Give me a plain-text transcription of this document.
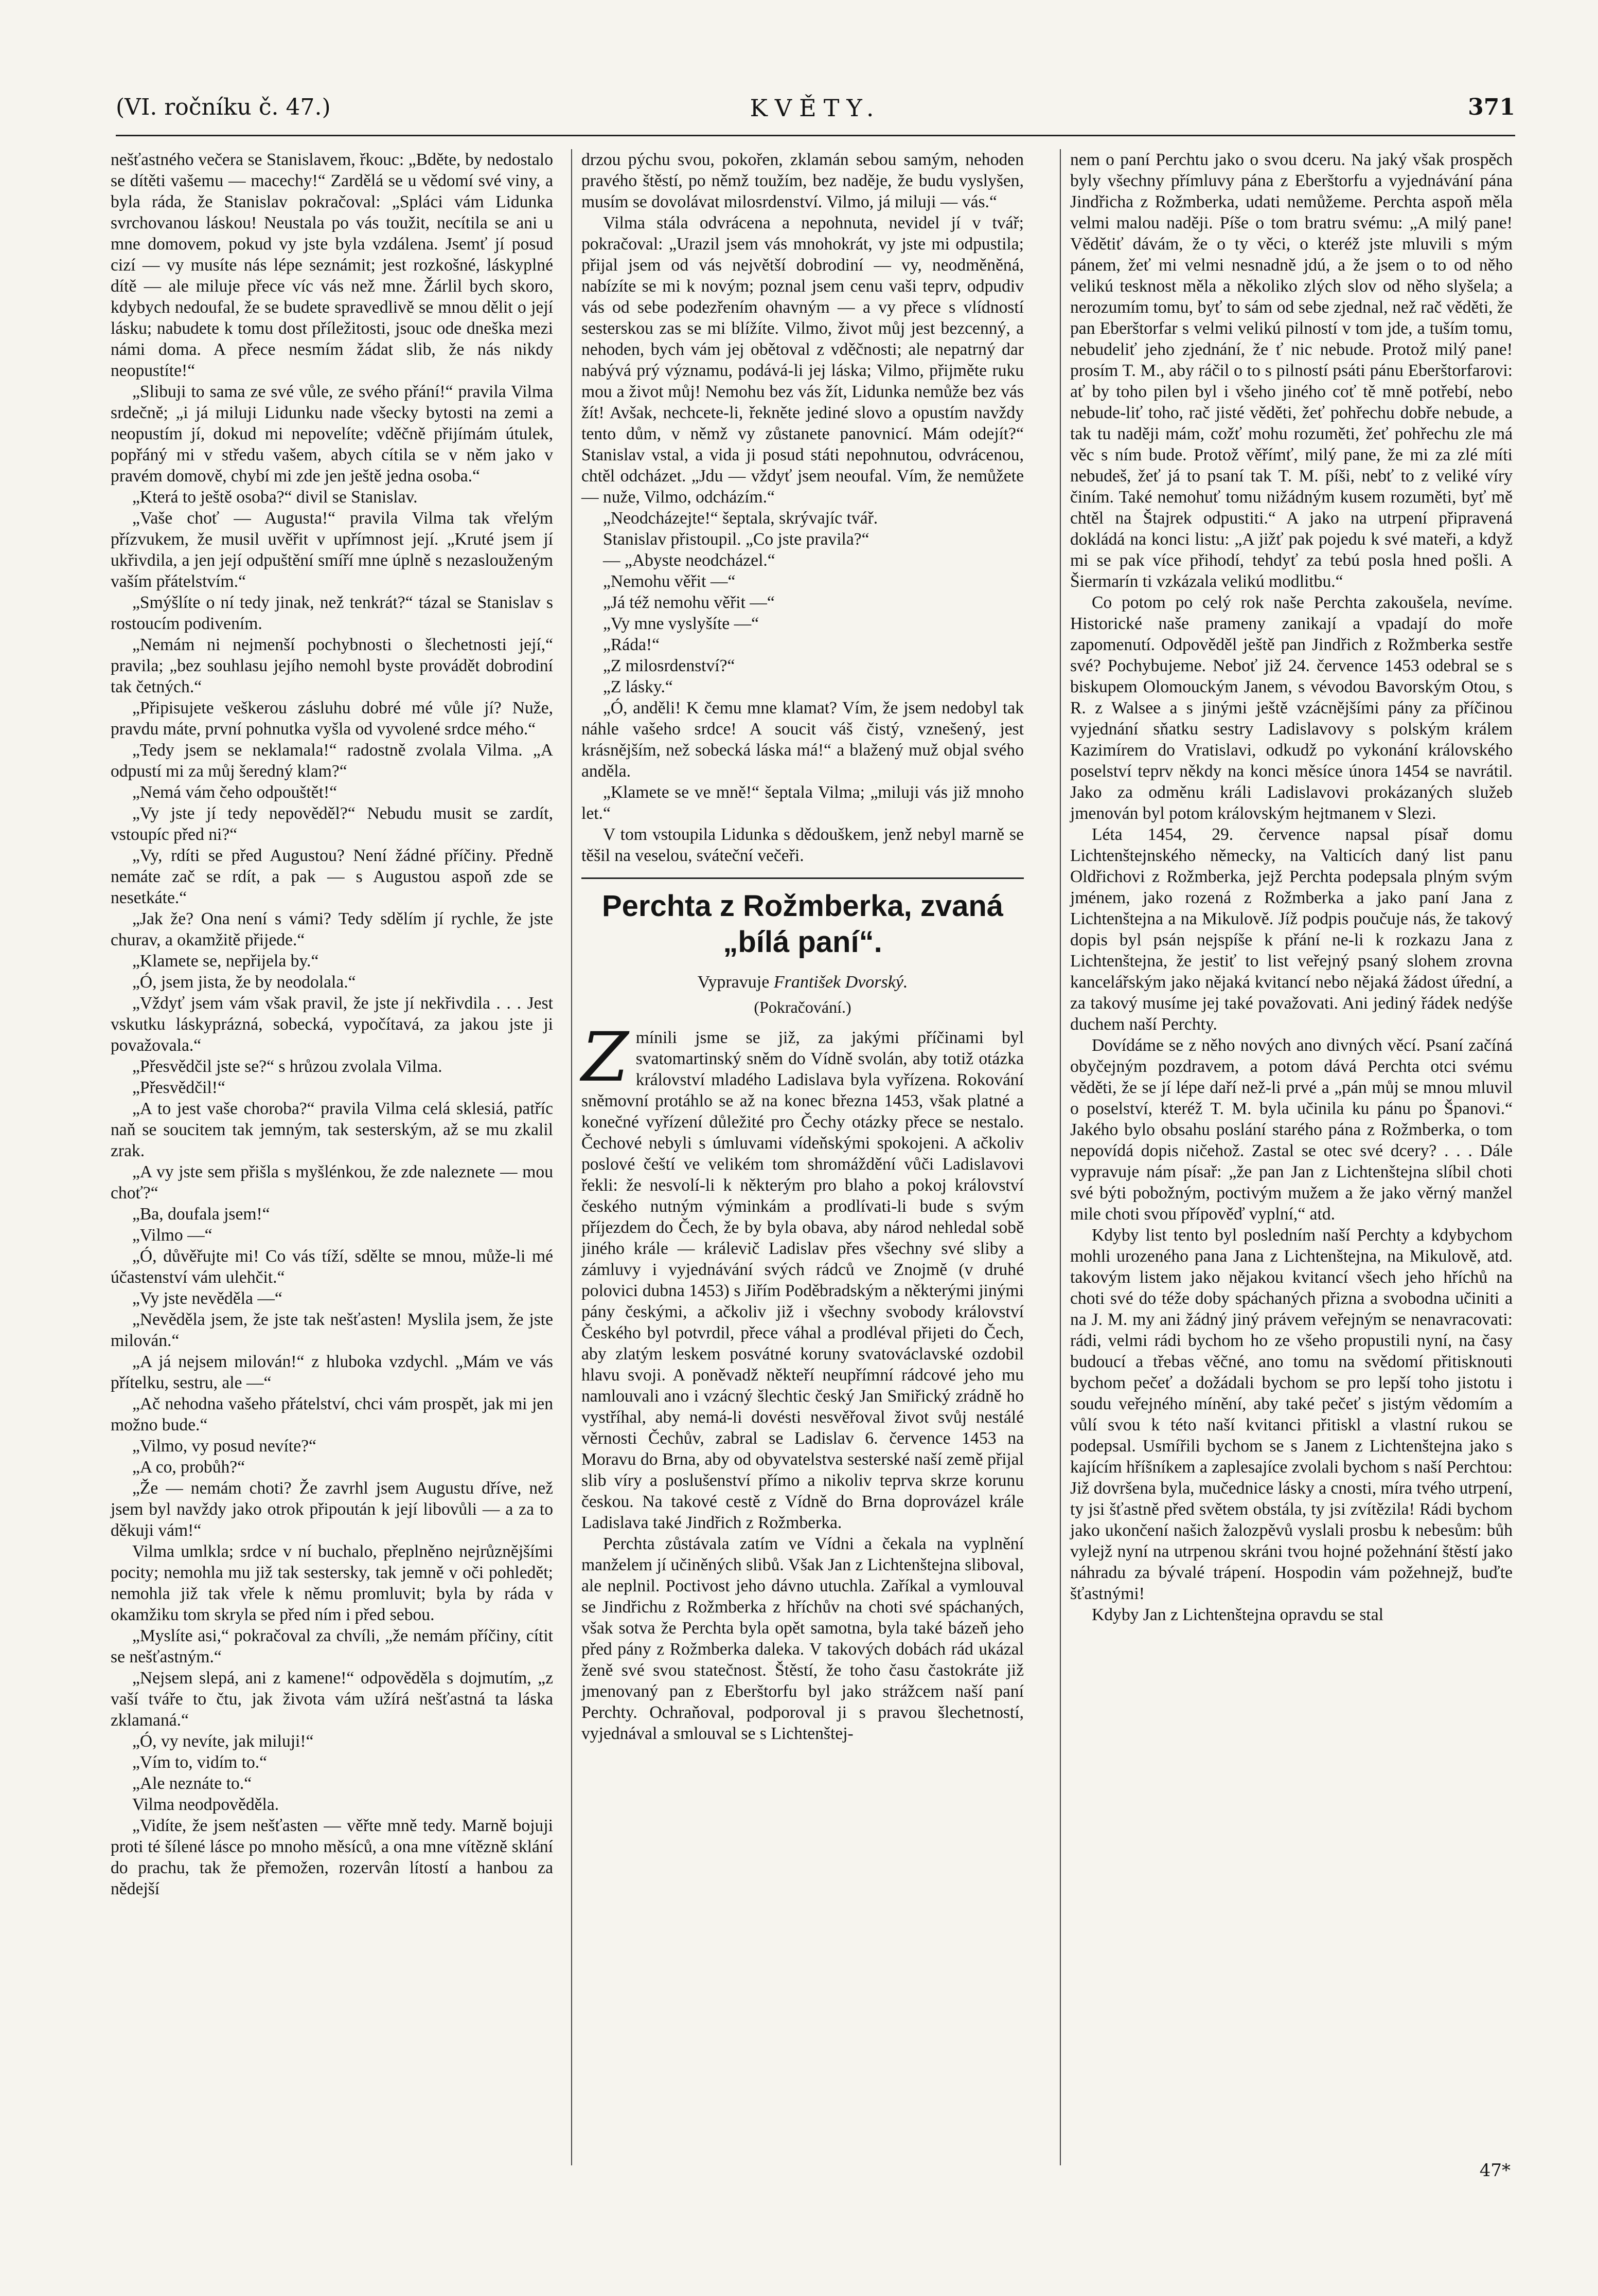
(VI. ročníku č. 47.)	KVĚTY.	371

nešťastného večera se Stanislavem, řkouc: „Bděte, by nedostalo se dítěti vašemu — macechy!“ Zardělá se u vědomí své viny, a byla ráda, že Stanislav pokračoval: „Spláci vám Lidunka svrchovanou láskou! Neustala po vás toužit, necítila se ani u mne domovem, pokud vy jste byla vzdálena. Jsemť jí posud cizí — vy musíte nás lépe seznámit; jest rozkošné, láskyplné dítě — ale miluje přece víc vás než mne. Žárlil bych skoro, kdybych nedoufal, že se budete spravedlivě se mnou dělit o její lásku; nabudete k tomu dost příležitosti, jsouc ode dneška mezi námi doma. A přece nesmím žádat slib, že nás nikdy neopustíte!“

„Slibuji to sama ze své vůle, ze svého přání!“ pravila Vilma srdečně; „i já miluji Lidunku nade všecky bytosti na zemi a neopustím jí, dokud mi nepovelíte; vděčně přijímám útulek, popřáný mi v středu vašem, abych cítila se v něm jako v pravém domově, chybí mi zde jen ještě jedna osoba.“

„Která to ještě osoba?“ divil se Stanislav.

„Vaše choť — Augusta!“ pravila Vilma tak vřelým přízvukem, že musil uvěřit v upřímnost její. „Kruté jsem jí ukřivdila, a jen její odpuštění smíří mne úplně s nezaslouženým vaším přátelstvím.“

„Smýšlíte o ní tedy jinak, než tenkrát?“ tázal se Stanislav s rostoucím podivením.

„Nemám ni nejmenší pochybnosti o šlechetnosti její,“ pravila; „bez souhlasu jejího nemohl byste provádět dobrodiní tak četných.“

„Připisujete veškerou zásluhu dobré mé vůle jí? Nuže, pravdu máte, první pohnutka vyšla od vyvolené srdce mého.“

„Tedy jsem se neklamala!“ radostně zvolala Vilma. „A odpustí mi za můj šeredný klam?“

„Nemá vám čeho odpouštět!“

„Vy jste jí tedy nepověděl?“ Nebudu musit se zardít, vstoupíc před ni?“

„Vy, rdíti se před Augustou? Není žádné příčiny. Předně nemáte zač se rdít, a pak — s Augustou aspoň zde se nesetkáte.“

„Jak že? Ona není s vámi? Tedy sdělím jí rychle, že jste churav, a okamžitě přijede.“

„Klamete se, nepřijela by.“

„Ó, jsem jista, že by neodolala.“

„Vždyť jsem vám však pravil, že jste jí nekřivdila . . . Jest vskutku láskyprázná, sobecká, vypočítavá, za jakou jste ji považovala.“

„Přesvědčil jste se?“ s hrůzou zvolala Vilma.

„Přesvědčil!“

„A to jest vaše choroba?“ pravila Vilma celá sklesiá, patříc naň se soucitem tak jemným, tak sesterským, až se mu zkalil zrak.

„A vy jste sem přišla s myšlénkou, že zde naleznete — mou choť?“

„Ba, doufala jsem!“

„Vilmo —“

„Ó, důvěřujte mi! Co vás tíží, sdělte se mnou, může-li mé účastenství vám ulehčit.“

„Vy jste nevěděla —“

„Nevěděla jsem, že jste tak nešťasten! Myslila jsem, že jste milován.“

„A já nejsem milován!“ z hluboka vzdychl. „Mám ve vás přítelku, sestru, ale —“

„Ač nehodna vašeho přátelství, chci vám prospět, jak mi jen možno bude.“

„Vilmo, vy posud nevíte?“

„A co, probůh?“

„Že — nemám choti? Že zavrhl jsem Augustu dříve, než jsem byl navždy jako otrok připoután k její libovůli — a za to děkuji vám!“

Vilma umlkla; srdce v ní buchalo, přeplněno nejrůznějšími pocity; nemohla mu již tak sestersky, tak jemně v oči pohledět; nemohla již tak vřele k němu promluvit; byla by ráda v okamžiku tom skryla se před ním i před sebou.

„Myslíte asi,“ pokračoval za chvíli, „že nemám příčiny, cítit se nešťastným.“

„Nejsem slepá, ani z kamene!“ odpověděla s dojmutím, „z vaší tváře to čtu, jak života vám užírá nešťastná ta láska zklamaná.“

„Ó, vy nevíte, jak miluji!“

„Vím to, vidím to.“

„Ale neznáte to.“

Vilma neodpověděla.

„Vidíte, že jsem nešťasten — věřte mně tedy. Marně bojuji proti té šílené lásce po mnoho měsíců, a ona mne vítězně sklání do prachu, tak že přemožen, rozervân lítostí a hanbou za nědejší

drzou pýchu svou, pokořen, zklamán sebou samým, nehoden pravého štěstí, po němž toužím, bez naděje, že budu vyslyšen, musím se dovolávat milosrdenství. Vilmo, já miluji — vás.“

Vilma stála odvrácena a nepohnuta, nevidel jí v tvář; pokračoval: „Urazil jsem vás mnohokrát, vy jste mi odpustila; přijal jsem od vás největší dobrodiní — vy, neodměněná, nabízíte se mi k novým; poznal jsem cenu vaši teprv, odpudiv vás od sebe podezřením ohavným — a vy přece s vlídností sesterskou zas se mi blížíte. Vilmo, život můj jest bezcenný, a nehoden, bych vám jej obětoval z vděčnosti; ale nepatrný dar nabývá prý významu, podává-li jej láska; Vilmo, přijměte ruku mou a život můj! Nemohu bez vás žít, Lidunka nemůže bez vás žít! Avšak, nechcete-li, řekněte jediné slovo a opustím navždy tento dům, v němž vy zůstanete panovnicí. Mám odejít?“ Stanislav vstal, a vida ji posud státi nepohnutou, odvrácenou, chtěl odcházet. „Jdu — vždyť jsem neoufal. Vím, že nemůžete — nuže, Vilmo, odcházím.“

„Neodcházejte!“ šeptala, skrývajíc tvář.

Stanislav přistoupil. „Co jste pravila?“

— „Abyste neodcházel.“

„Nemohu věřit —“

„Já též nemohu věřit —“

„Vy mne vyslyšíte —“

„Ráda!“

„Z milosrdenství?“

„Z lásky.“

„Ó, anděli! K čemu mne klamat? Vím, že jsem nedobyl tak náhle vašeho srdce! A soucit váš čistý, vznešený, jest krásnějším, než sobecká láska má!“ a blažený muž objal svého anděla.

„Klamete se ve mně!“ šeptala Vilma; „miluji vás již mnoho let.“

V tom vstoupila Lidunka s dědouškem, jenž nebyl marně se těšil na veselou, sváteční večeři.

Perchta z Rožmberka, zvaná „bílá paní“.
Vypravuje František Dvorský.
(Pokračování.)

Z mínili jsme se již, za jakými příčinami byl svatomartinský sněm do Vídně svolán, aby totiž otázka království mladého Ladislava byla vyřízena. Rokování sněmovní protáhlo se až na konec března 1453, však platné a konečné vyřízení důležité pro Čechy otázky přece se nestalo. Čechové nebyli s úmluvami vídeňskými spokojeni. A ačkoliv poslové čeští ve velikém tom shromáždění vůči Ladislavovi řekli: že nesvolí-li k některým pro blaho a pokoj království českého nutným výminkám a prodlívati-li bude s svým příjezdem do Čech, že by byla obava, aby národ nehledal sobě jiného krále — králevič Ladislav přes všechny své sliby a zámluvy i vyjednávání svých rádců ve Znojmě (v druhé polovici dubna 1453) s Jiřím Poděbradským a některými jinými pány českými, a ačkoliv již i všechny svobody království Českého byl potvrdil, přece váhal a prodléval přijeti do Čech, aby zlatým leskem posvátné koruny svatováclavské ozdobil hlavu svoji. A poněvadž někteří neupřímní rádcové jeho mu namlouvali ano i vzácný šlechtic český Jan Smiřický zrádně ho vystříhal, aby nemá-li dovésti nesvěřoval život svůj nestálé věrnosti Čechův, zabral se Ladislav 6. července 1453 na Moravu do Brna, aby od obyvatelstva sesterské naší země přijal slib víry a poslušenství přímo a nikoliv teprva skrze korunu českou. Na takové cestě z Vídně do Brna doprovázel krále Ladislava také Jindřich z Rožmberka.

Perchta zůstávala zatím ve Vídni a čekala na vyplnění manželem jí učiněných slibů. Však Jan z Lichtenštejna sliboval, ale neplnil. Poctivost jeho dávno utuchla. Zaříkal a vymlouval se Jindřichu z Rožmberka z hříchův na choti své spáchaných, však sotva že Perchta byla opět samotna, byla také bázeň jeho před pány z Rožmberka daleka. V takových dobách rád ukázal ženě své svou statečnost. Štěstí, že toho času častokráte již jmenovaný pan z Eberštorfu byl jako strážcem naší paní Perchty. Ochraňoval, podporoval ji s pravou šlechetností, vyjednával a smlouval se s Lichtenštej-

nem o paní Perchtu jako o svou dceru. Na jaký však prospěch byly všechny přímluvy pána z Eberštorfu a vyjednávání pána Jindřicha z Rožmberka, udati nemůžeme. Perchta aspoň měla velmi malou naději. Píše o tom bratru svému: „A milý pane! Vědětiť dávám, že o ty věci, o kteréž jste mluvili s mým pánem, žeť mi velmi nesnadně jdú, a že jsem o to od něho velikú tesknost měla a několiko zlých slov od něho slyšela; a nerozumím tomu, byť to sám od sebe zjednal, než rač věděti, že pan Eberštorfar s velmi velikú pilností v tom jde, a tuším tomu, nebudeliť jeho zjednání, že ť nic nebude. Protož milý pane! prosím T. M., aby ráčil o to s pilností psáti pánu Eberštorfarovi: ať by toho pilen byl i všeho jiného coť tě mně potřebí, nebo nebude-liť toho, rač jisté věděti, žeť pohřechu dobře nebude, a tak tu naději mám, cožť mohu rozuměti, žeť pohřechu zle má věc s ním bude. Protož věřímť, milý pane, že mi za zlé míti nebudeš, žeť já to psaní tak T. M. píši, nebť to z veliké víry činím. Také nemohuť tomu nižádným kusem rozuměti, byť mě chtěl na Štajrek odpustiti.“ A jako na utrpení připravená dokládá na konci listu: „A jižť pak pojedu k své mateři, a když mi se pak více přihodí, tehdyť za tebú posla hned pošli. A Šiermarín ti vzkázala velikú modlitbu.“

Co potom po celý rok naše Perchta zakoušela, nevíme. Historické naše prameny zanikají a vpadají do moře zapomenutí. Odpověděl ještě pan Jindřich z Rožmberka sestře své? Pochybujeme. Neboť již 24. července 1453 odebral se s biskupem Olomouckým Janem, s vévodou Bavorským Otou, s R. z Walsee a s jinými ještě vzácnějšími pány za příčinou vyjednání sňatku sestry Ladislavovy s polským králem Kazimírem do Vratislavi, odkudž po vykonání královského poselství teprv někdy na konci měsíce února 1454 se navrátil. Jako za odměnu králi Ladislavovi prokázaných služeb jmenován byl potom královským hejtmanem v Slezi.

Léta 1454, 29. července napsal písař domu Lichtenštejnského německy, na Valticích daný list panu Oldřichovi z Rožmberka, jejž Perchta podepsala plným svým jménem, jako rozená z Rožmberka a jako paní Jana z Lichtenštejna a na Mikulově. Jíž podpis poučuje nás, že takový dopis byl psán nejspíše k přání ne-li k rozkazu Jana z Lichtenštejna, že jestiť to list veřejný psaný slohem zrovna kancelářským jako nějaká kvitancí nebo nějaká žádost úřední, a za takový musíme jej také považovati. Ani jediný řádek nedýše duchem naší Perchty.

Dovídáme se z něho nových ano divných věcí. Psaní začíná obyčejným pozdravem, a potom dává Perchta otci svému věděti, že se jí lépe daří než-li prvé a „pán můj se mnou mluvil o poselství, kteréž T. M. byla učinila ku pánu po Španovi.“ Jakého bylo obsahu poslání starého pána z Rožmberka, o tom nepovídá dopis ničehož. Zastal se otec své dcery? . . . Dále vypravuje nám písař: „že pan Jan z Lichtenštejna slíbil choti své býti pobožným, poctivým mužem a že jako věrný manžel mile choti svou přípověď vyplní,“ atd.

Kdyby list tento byl posledním naší Perchty a kdybychom mohli urozeného pana Jana z Lichtenštejna, na Mikulově, atd. takovým listem jako nějakou kvitancí všech jeho hříchů na choti své do téže doby spáchaných přizna a svobodna učiniti a na J. M. my ani žádný jiný právem veřejným se nenavracovati: rádi, velmi rádi bychom ho ze všeho propustili nyní, na časy budoucí a třebas věčné, ano tomu na svědomí přitisknouti bychom pečeť a dožádali bychom se pro lepší toho jistotu i soudu veřejného mínění, aby také pečeť s jistým vědomím a vůlí svou k této naší kvitanci přitiskl a vlastní rukou se podepsal. Usmířili bychom se s Janem z Lichtenštejna jako s kajícím hříšníkem a zaplesajíce zvolali bychom s naší Perchtou: Již dovršena byla, mučednice lásky a cnosti, míra tvého utrpení, ty jsi šťastně před světem obstála, ty jsi zvítězila! Rádi bychom jako ukončení našich žalozpěvů vyslali prosbu k nebesům: bůh vylejž nyní na utrpenou skráni tvou hojné požehnání štěstí jako náhradu za bývalé trápení. Hospodin vám požehnejž, buďte šťastnými!

Kdyby Jan z Lichtenštejna opravdu se stal

47*
